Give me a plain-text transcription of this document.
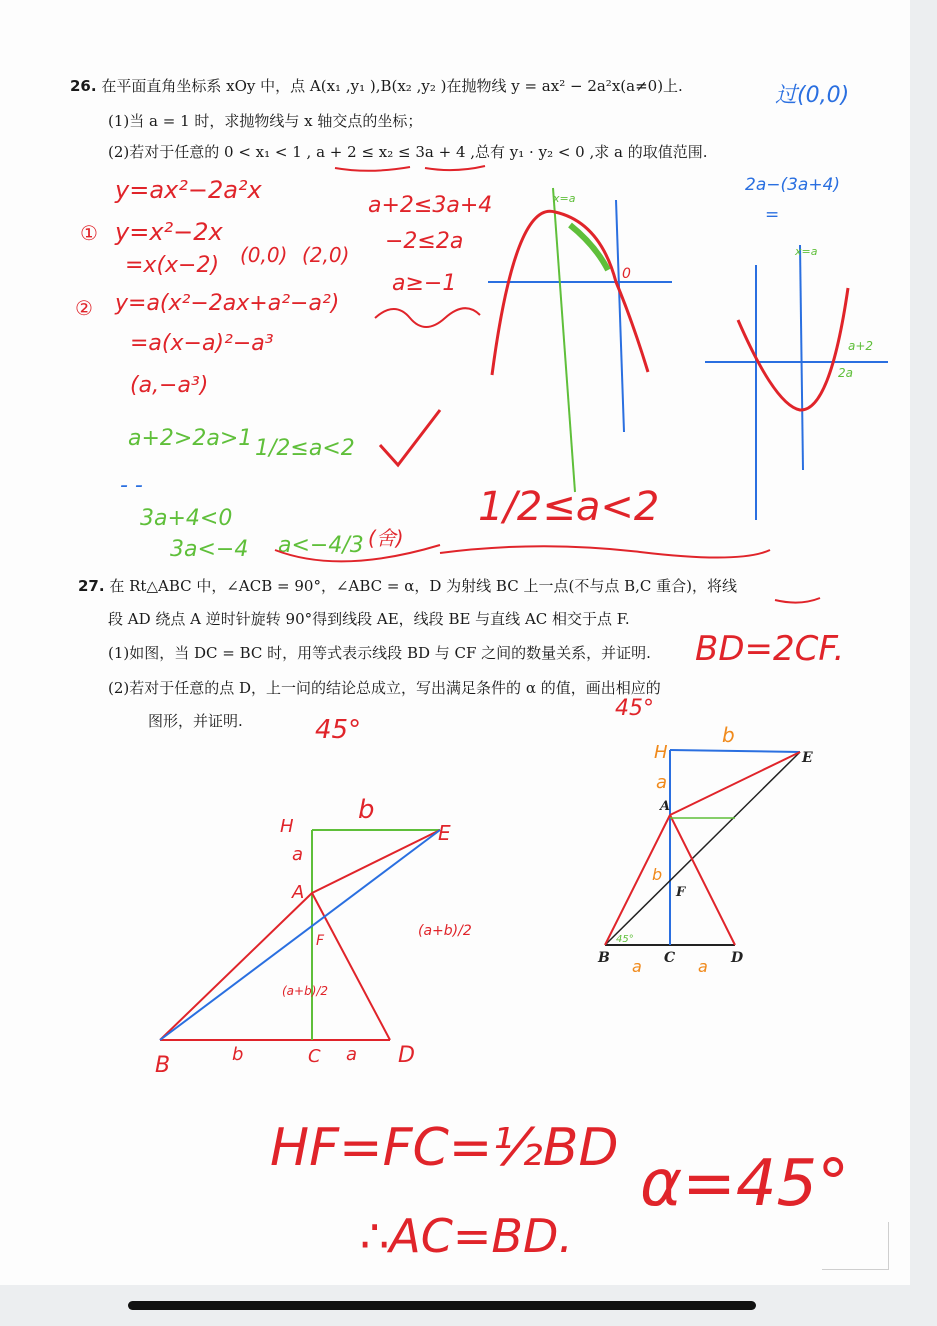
26. 在平面直角坐标系 xOy 中，点 A(x₁ ,y₁ ),B(x₂ ,y₂ )在抛物线 y = ax² − 2a²x(a≠0)上.
(1)当 a = 1 时，求抛物线与 x 轴交点的坐标；
(2)若对于任意的 0 < x₁ < 1 , a + 2 ≤ x₂ ≤ 3a + 4 ,总有 y₁ · y₂ < 0 ,求 a 的取值范围.
27. 在 Rt△ABC 中，∠ACB = 90°，∠ABC = α，D 为射线 BC 上一点(不与点 B,C 重合)，将线
段 AD 绕点 A 逆时针旋转 90°得到线段 AE，线段 BE 与直线 AC 相交于点 F.
(1)如图，当 DC = BC 时，用等式表示线段 BD 与 CF 之间的数量关系，并证明.
(2)若对于任意的点 D，上一问的结论总成立，写出满足条件的 α 的值，画出相应的
图形，并证明.
过(0,0)
y=ax²−2a²x
① y=x²−2x
=x(x−2) (0,0) (2,0)
② y=a(x²−2ax+a²−a²)
=a(x−a)²−a³
(a,−a³)
a+2>2a>1 1/2≤a<2
- -
3a+4<0
3a<−4 a<−4/3 (舍)
a+2≤3a+4
−2≤2a
a≥−1
1/2≤a<2
x=a
0
2a−(3a+4)
=
x=a
a+2
2a
BD=2CF.
45°
45°
H
A
E
B	C	D
F
b
a
b	a
(a+b)/2
(a+b)/2
A
E
B	C	D
F
H
b
a
b
a	a
45°
HF=FC=½BD
∴AC=BD.
α=45°
